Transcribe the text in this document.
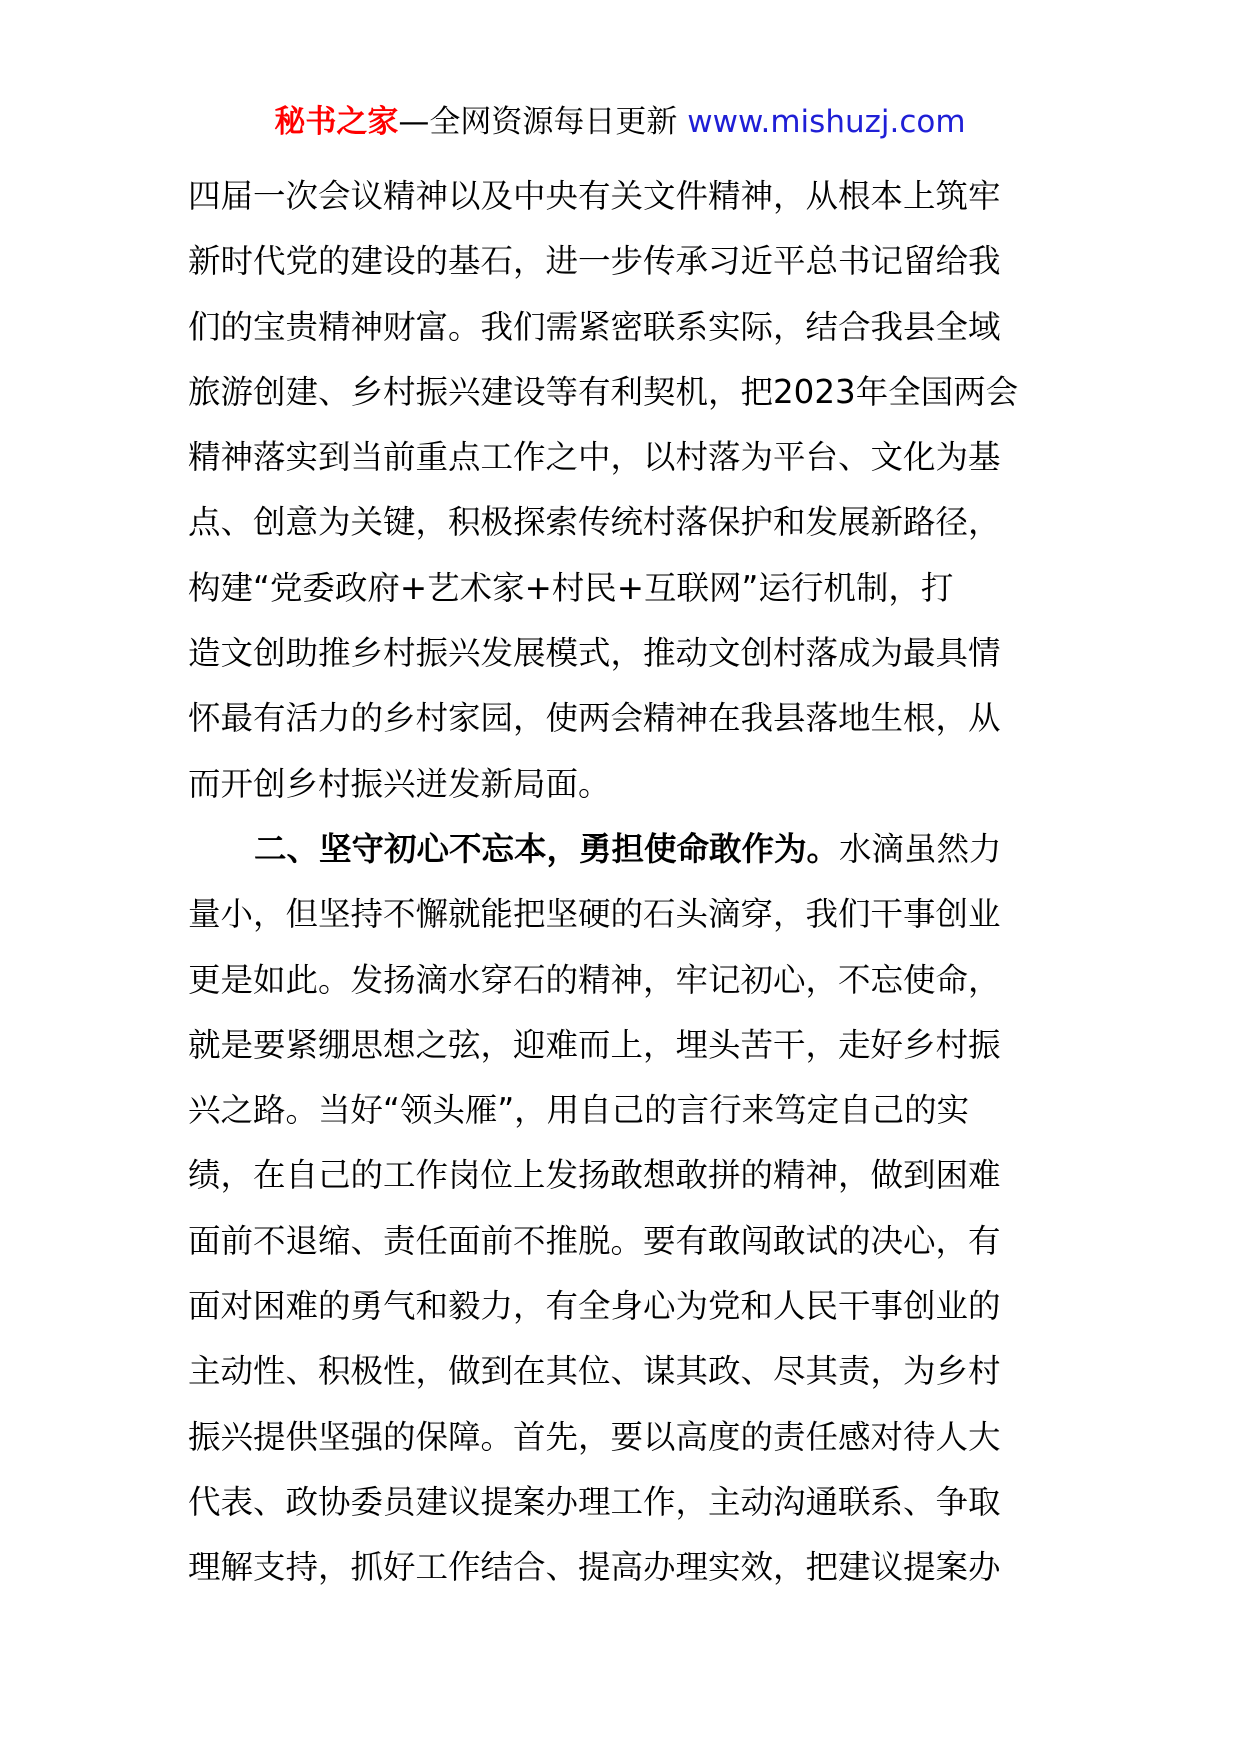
秘书之家—全网资源每日更新 www.mishuzj.com
四届一次会议精神以及中央有关文件精神，从根本上筑牢
新时代党的建设的基石，进一步传承习近平总书记留给我
们的宝贵精神财富。我们需紧密联系实际，结合我县全域
旅游创建、乡村振兴建设等有利契机，把2023年全国两会
精神落实到当前重点工作之中，以村落为平台、文化为基
点、创意为关键，积极探索传统村落保护和发展新路径，
构建“党委政府+艺术家+村民+互联网”运行机制，打
造文创助推乡村振兴发展模式，推动文创村落成为最具情
怀最有活力的乡村家园，使两会精神在我县落地生根，从
而开创乡村振兴迸发新局面。
二、坚守初心不忘本，勇担使命敢作为。水滴虽然力
量小，但坚持不懈就能把坚硬的石头滴穿，我们干事创业
更是如此。发扬滴水穿石的精神，牢记初心，不忘使命，
就是要紧绷思想之弦，迎难而上，埋头苦干，走好乡村振
兴之路。当好“领头雁”，用自己的言行来笃定自己的实
绩，在自己的工作岗位上发扬敢想敢拼的精神，做到困难
面前不退缩、责任面前不推脱。要有敢闯敢试的决心，有
面对困难的勇气和毅力，有全身心为党和人民干事创业的
主动性、积极性，做到在其位、谋其政、尽其责，为乡村
振兴提供坚强的保障。首先，要以高度的责任感对待人大
代表、政协委员建议提案办理工作，主动沟通联系、争取
理解支持，抓好工作结合、提高办理实效，把建议提案办
